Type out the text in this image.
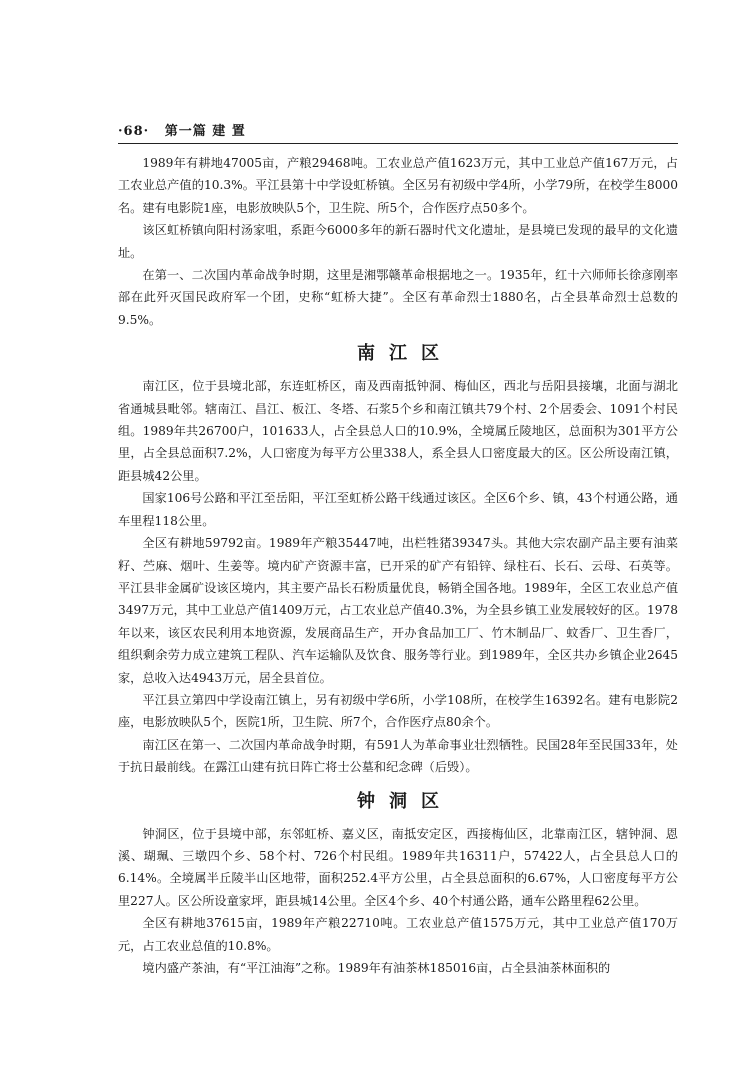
·68· 第一篇 建 置

1989年有耕地47005亩，产粮29468吨。工农业总产值1623万元，其中工业总产值167万元，占工农业总产值的10.3%。平江县第十中学设虹桥镇。全区另有初级中学4所，小学79所，在校学生8000名。建有电影院1座，电影放映队5个，卫生院、所5个，合作医疗点50多个。

该区虹桥镇向阳村汤家咀，系距今6000多年的新石器时代文化遗址，是县境已发现的最早的文化遗址。

在第一、二次国内革命战争时期，这里是湘鄂赣革命根据地之一。1935年，红十六师师长徐彦刚率部在此歼灭国民政府军一个团，史称“虹桥大捷”。全区有革命烈士1880名，占全县革命烈士总数的9.5%。

南江区

南江区，位于县境北部，东连虹桥区，南及西南抵钟洞、梅仙区，西北与岳阳县接壤，北面与湖北省通城县毗邻。辖南江、昌江、板江、冬塔、石浆5个乡和南江镇共79个村、2个居委会、1091个村民组。1989年共26700户，101633人，占全县总人口的10.9%，全境属丘陵地区，总面积为301平方公里，占全县总面积7.2%，人口密度为每平方公里338人，系全县人口密度最大的区。区公所设南江镇，距县城42公里。

国家106号公路和平江至岳阳，平江至虹桥公路干线通过该区。全区6个乡、镇，43个村通公路，通车里程118公里。

全区有耕地59792亩。1989年产粮35447吨，出栏牲猪39347头。其他大宗农副产品主要有油菜籽、苎麻、烟叶、生姜等。境内矿产资源丰富，已开采的矿产有铅锌、绿柱石、长石、云母、石英等。平江县非金属矿设该区境内，其主要产品长石粉质量优良，畅销全国各地。1989年，全区工农业总产值3497万元，其中工业总产值1409万元，占工农业总产值40.3%，为全县乡镇工业发展较好的区。1978年以来，该区农民利用本地资源，发展商品生产，开办食品加工厂、竹木制品厂、蚊香厂、卫生香厂，组织剩余劳力成立建筑工程队、汽车运输队及饮食、服务等行业。到1989年，全区共办乡镇企业2645家，总收入达4943万元，居全县首位。

平江县立第四中学设南江镇上，另有初级中学6所，小学108所，在校学生16392名。建有电影院2座，电影放映队5个，医院1所，卫生院、所7个，合作医疗点80余个。

南江区在第一、二次国内革命战争时期，有591人为革命事业壮烈牺牲。民国28年至民国33年，处于抗日最前线。在露江山建有抗日阵亡将士公墓和纪念碑（后毁）。

钟洞区

钟洞区，位于县境中部，东邻虹桥、嘉义区，南抵安定区，西接梅仙区，北靠南江区，辖钟洞、恩溪、瑚珮、三墩四个乡、58个村、726个村民组。1989年共16311户，57422人，占全县总人口的6.14%。全境属半丘陵半山区地带，面积252.4平方公里，占全县总面积的6.67%，人口密度每平方公里227人。区公所设童家坪，距县城14公里。全区4个乡、40个村通公路，通车公路里程62公里。

全区有耕地37615亩，1989年产粮22710吨。工农业总产值1575万元，其中工业总产值170万元，占工农业总值的10.8%。

境内盛产茶油，有“平江油海”之称。1989年有油茶林185016亩，占全县油茶林面积的
